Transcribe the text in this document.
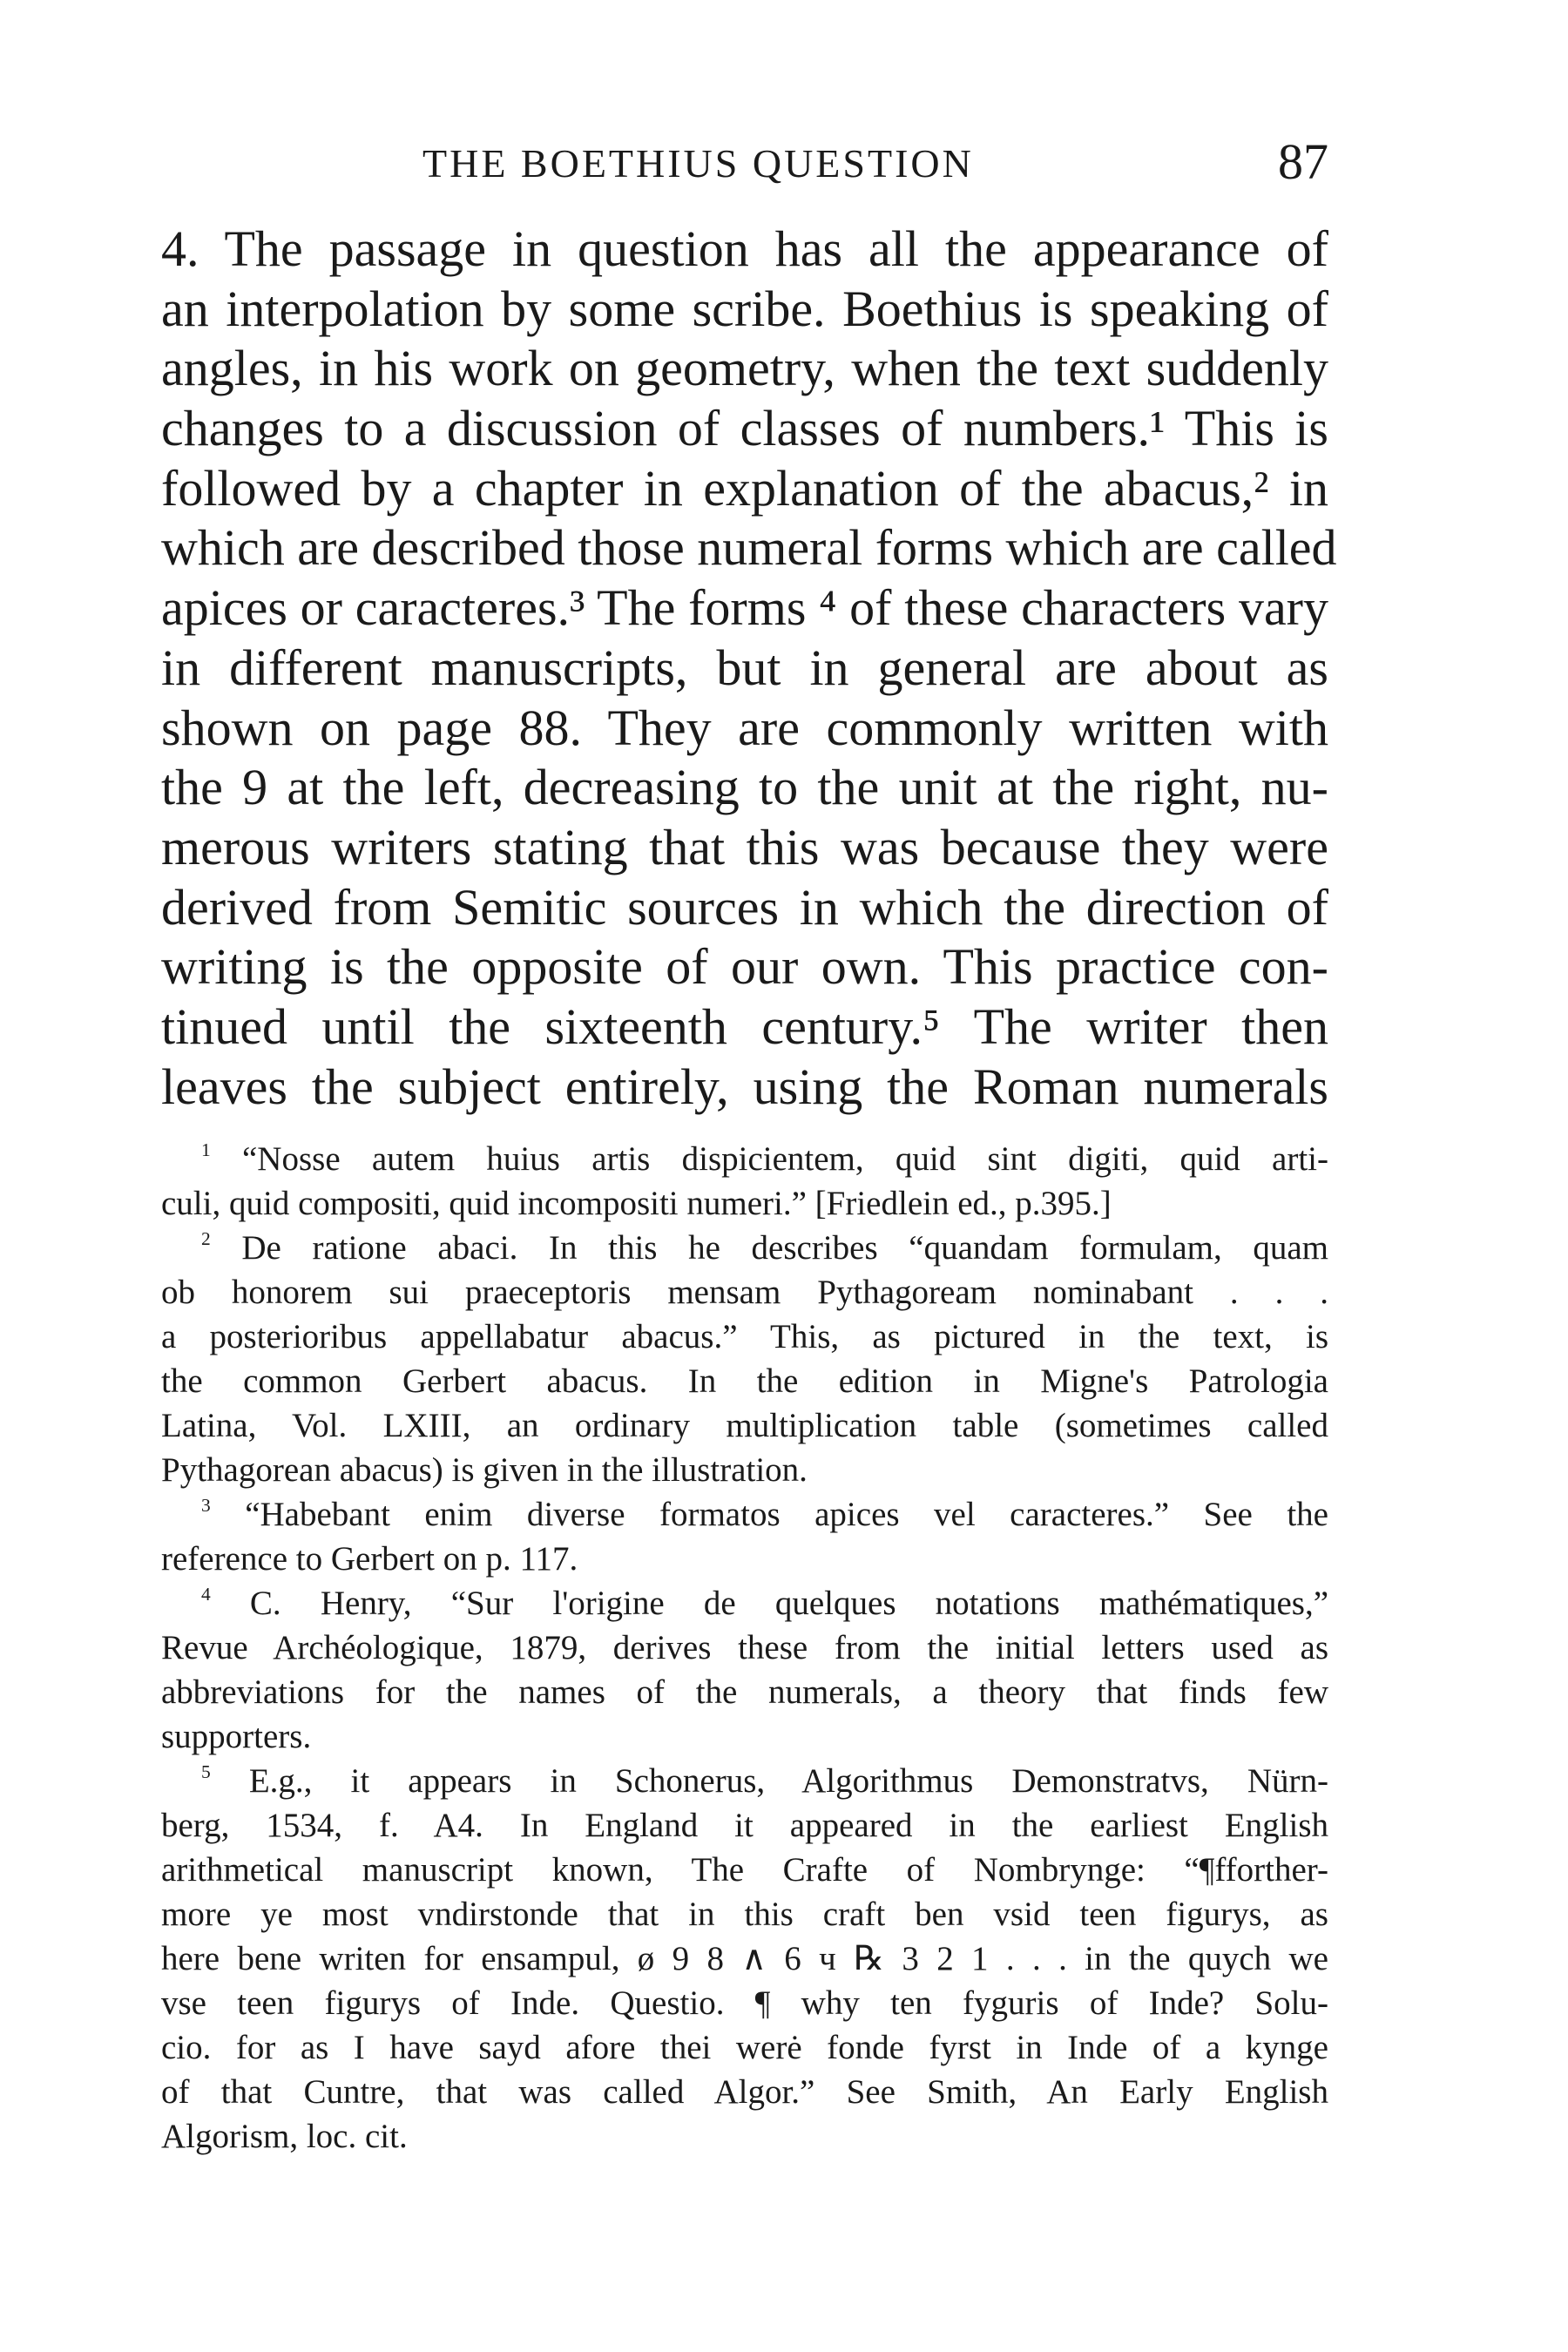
THE BOETHIUS QUESTION	87
4. The passage in question has all the appearance of
an interpolation by some scribe. Boethius is speaking of
angles, in his work on geometry, when the text suddenly
changes to a discussion of classes of numbers.¹ This is
followed by a chapter in explanation of the abacus,² in
which are described those numeral forms which are called
apices or caracteres.³ The forms ⁴ of these characters vary
in different manuscripts, but in general are about as
shown on page 88. They are commonly written with
the 9 at the left, decreasing to the unit at the right, nu-
merous writers stating that this was because they were
derived from Semitic sources in which the direction of
writing is the opposite of our own. This practice con-
tinued until the sixteenth century.⁵ The writer then
leaves the subject entirely, using the Roman numerals
$^1$ “Nosse autem huius artis dispicientem, quid sint digiti, quid arti-
culi, quid compositi, quid incompositi numeri.” [Friedlein ed., p.395.]
$^2$ De ratione abaci. In this he describes “quandam formulam, quam
ob honorem sui praeceptoris mensam Pythagoream nominabant . . .
a posterioribus appellabatur abacus.” This, as pictured in the text, is
the common Gerbert abacus. In the edition in Migne's Patrologia
Latina, Vol. LXIII, an ordinary multiplication table (sometimes called
Pythagorean abacus) is given in the illustration.
$^3$ “Habebant enim diverse formatos apices vel caracteres.” See the
reference to Gerbert on p. 117.
$^4$ C. Henry, “Sur l'origine de quelques notations mathématiques,”
Revue Archéologique, 1879, derives these from the initial letters used as
abbreviations for the names of the numerals, a theory that finds few
supporters.
$^5$ E.g., it appears in Schonerus, Algorithmus Demonstratvs, Nürn-
berg, 1534, f. A4. In England it appeared in the earliest English
arithmetical manuscript known, The Crafte of Nombrynge: “¶fforther-
more ye most vndirstonde that in this craft ben vsid teen figurys, as
here bene writen for ensampul, ø 9 8 ∧ 6 ч ℞ 3 2 1 . . . in the quych we
vse teen figurys of Inde. Questio. ¶ why ten fyguris of Inde? Solu-
cio. for as I have sayd afore thei werė fonde fyrst in Inde of a kynge
of that Cuntre, that was called Algor.” See Smith, An Early English
Algorism, loc. cit.
